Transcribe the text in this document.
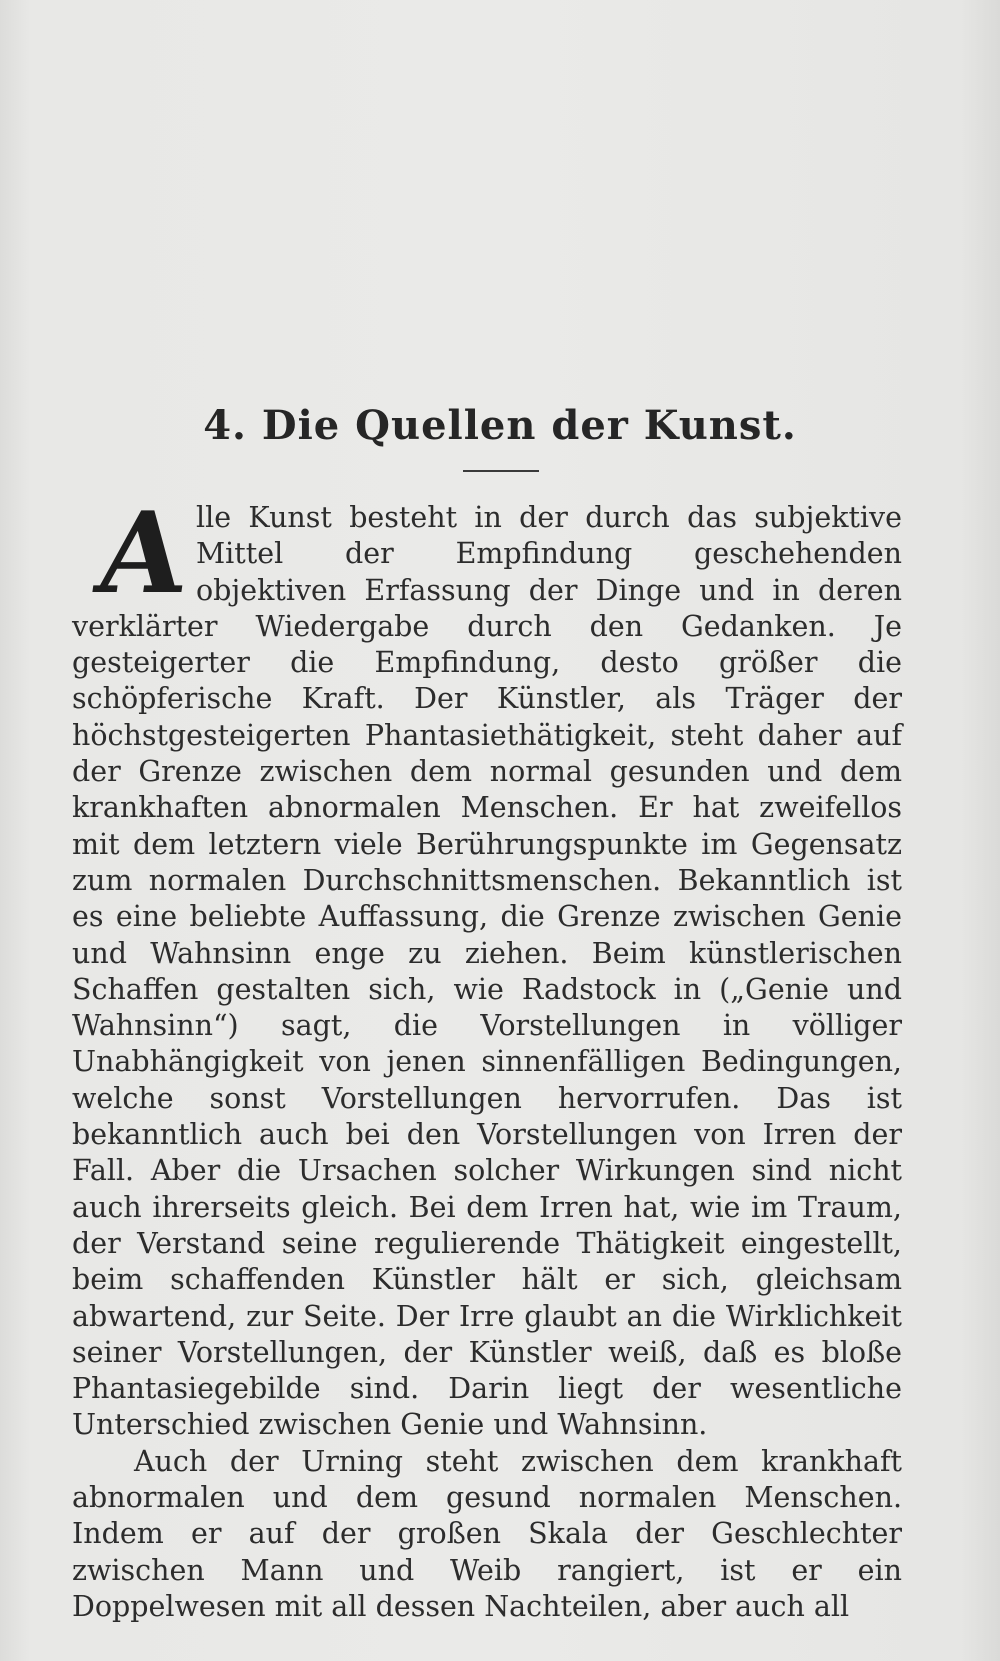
4. Die Quellen der Kunst.

A lle Kunst besteht in der durch das subjektive Mittel der Empfindung geschehenden objektiven Erfassung der Dinge und in deren verklärter Wiedergabe durch den Gedanken. Je gesteigerter die Empfindung, desto größer die schöpferische Kraft. Der Künstler, als Träger der höchstgesteigerten Phantasiethätigkeit, steht daher auf der Grenze zwischen dem normal gesunden und dem krankhaften abnormalen Menschen. Er hat zweifellos mit dem letztern viele Berührungspunkte im Gegensatz zum normalen Durchschnittsmenschen. Bekanntlich ist es eine beliebte Auffassung, die Grenze zwischen Genie und Wahnsinn enge zu ziehen. Beim künstlerischen Schaffen gestalten sich, wie Radstock in („Genie und Wahnsinn“) sagt, die Vorstellungen in völliger Unabhängigkeit von jenen sinnenfälligen Bedingungen, welche sonst Vorstellungen hervorrufen. Das ist bekanntlich auch bei den Vorstellungen von Irren der Fall. Aber die Ursachen solcher Wirkungen sind nicht auch ihrerseits gleich. Bei dem Irren hat, wie im Traum, der Verstand seine regulierende Thätigkeit eingestellt, beim schaffenden Künstler hält er sich, gleichsam abwartend, zur Seite. Der Irre glaubt an die Wirklichkeit seiner Vorstellungen, der Künstler weiß, daß es bloße Phantasiegebilde sind. Darin liegt der wesentliche Unterschied zwischen Genie und Wahnsinn.

Auch der Urning steht zwischen dem krankhaft abnormalen und dem gesund normalen Menschen. Indem er auf der großen Skala der Geschlechter zwischen Mann und Weib rangiert, ist er ein Doppelwesen mit all dessen Nachteilen, aber auch all
